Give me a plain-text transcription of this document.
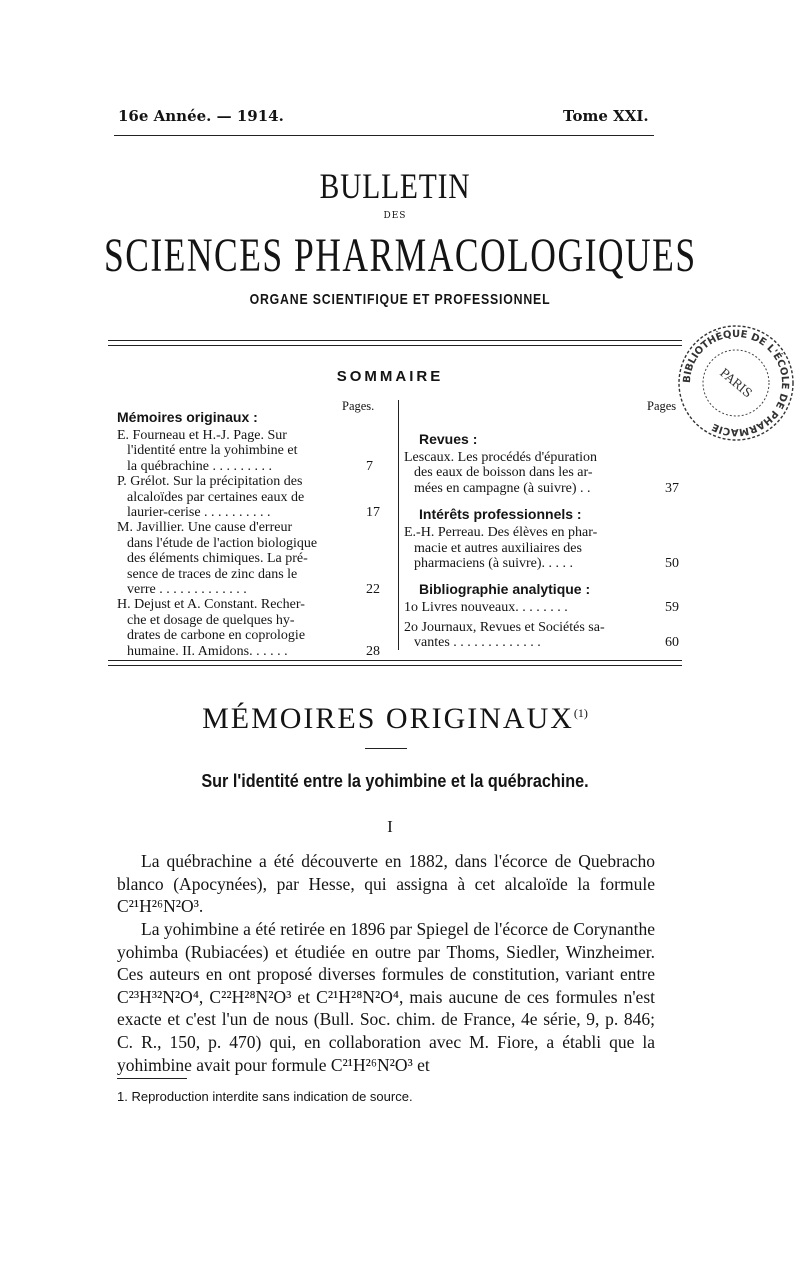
16e Année. — 1914.	Tome XXI.
BULLETIN
DES
SCIENCES PHARMACOLOGIQUES
ORGANE SCIENTIFIQUE ET PROFESSIONNEL
BIBLIOTHÈQUE DE L'ÉCOLE DE PHARMACIE
PARIS
SOMMAIRE
Pages.	Pages
Mémoires originaux :
MÉMOIRES ORIGINAUX$^{(1)}$
Sur l'identité entre la yohimbine et la québrachine.
I
La québrachine a été découverte en 1882, dans l'écorce de Quebracho blanco (Apocynées), par Hesse, qui assigna à cet alcaloïde la formule C²¹H²⁶N²O³.
La yohimbine a été retirée en 1896 par Spiegel de l'écorce de Corynanthe yohimba (Rubiacées) et étudiée en outre par Thoms, Siedler, Winzheimer. Ces auteurs en ont proposé diverses formules de constitution, variant entre C²³H³²N²O⁴, C²²H²⁸N²O³ et C²¹H²⁸N²O⁴, mais aucune de ces formules n'est exacte et c'est l'un de nous (Bull. Soc. chim. de France, 4e série, 9, p. 846; C. R., 150, p. 470) qui, en collaboration avec M. Fiore, a établi que la yohimbine avait pour formule C²¹H²⁶N²O³ et
1. Reproduction interdite sans indication de source.
E. Fourneau et H.-J. Page. Sur
l'identité entre la yohimbine et
la québrachine . . . . . . . . .	7
P. Grélot. Sur la précipitation des
alcaloïdes par certaines eaux de
laurier-cerise . . . . . . . . . .	17
M. Javillier. Une cause d'erreur
dans l'étude de l'action biologique
des éléments chimiques. La pré-
sence de traces de zinc dans le
verre . . . . . . . . . . . . .	22
H. Dejust et A. Constant. Recher-
che et dosage de quelques hy-
drates de carbone en coprologie
humaine. II. Amidons. . . . . .	28
Revues :
Lescaux. Les procédés d'épuration
des eaux de boisson dans les ar-
mées en campagne (à suivre) . .	37
Intérêts professionnels :
E.-H. Perreau. Des élèves en phar-
macie et autres auxiliaires des
pharmaciens (à suivre). . . . .	50
Bibliographie analytique :
1o Livres nouveaux. . . . . . . .	59
2o Journaux, Revues et Sociétés sa-
vantes . . . . . . . . . . . . .	60
